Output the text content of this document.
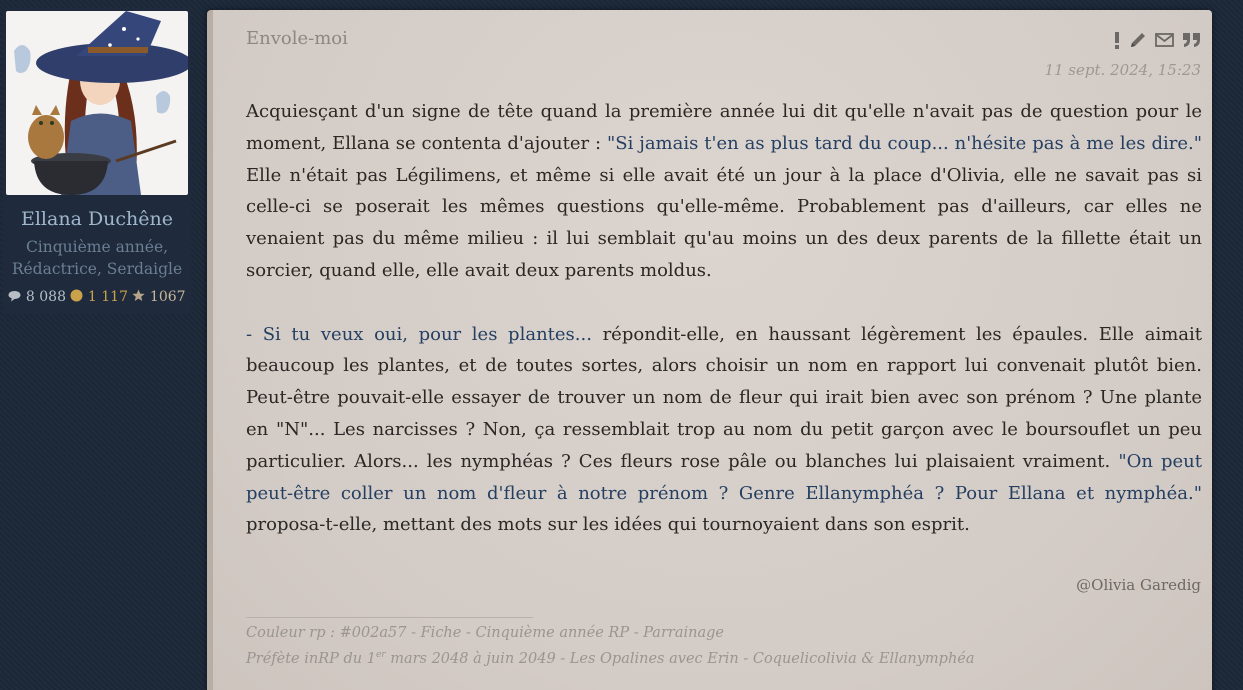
Ellana Duchêne
Cinquième année,
Rédactrice, Serdaigle
8 088 1 117 1067
Envole-moi
11 sept. 2024, 15:23

Acquiesçant d'un signe de tête quand la première année lui dit qu'elle n'avait pas de question pour le moment, Ellana se contenta d'ajouter : "Si jamais t'en as plus tard du coup... n'hésite pas à me les dire." Elle n'était pas Légilimens, et même si elle avait été un jour à la place d'Olivia, elle ne savait pas si celle-ci se poserait les mêmes questions qu'elle-même. Probablement pas d'ailleurs, car elles ne venaient pas du même milieu : il lui semblait qu'au moins un des deux parents de la fillette était un sorcier, quand elle, elle avait deux parents moldus.

- Si tu veux oui, pour les plantes... répondit-elle, en haussant légèrement les épaules. Elle aimait beaucoup les plantes, et de toutes sortes, alors choisir un nom en rapport lui convenait plutôt bien. Peut-être pouvait-elle essayer de trouver un nom de fleur qui irait bien avec son prénom ? Une plante en "N"... Les narcisses ? Non, ça ressemblait trop au nom du petit garçon avec le boursouflet un peu particulier. Alors... les nymphéas ? Ces fleurs rose pâle ou blanches lui plaisaient vraiment. "On peut peut-être coller un nom d'fleur à notre prénom ? Genre Ellanymphéa ? Pour Ellana et nymphéa." proposa-t-elle, mettant des mots sur les idées qui tournoyaient dans son esprit.

@Olivia Garedig
Couleur rp : #002a57 - Fiche - Cinquième année RP - Parrainage
Préfète inRP du 1er mars 2048 à juin 2049 - Les Opalines avec Erin - Coquelicolivia & Ellanymphéa
